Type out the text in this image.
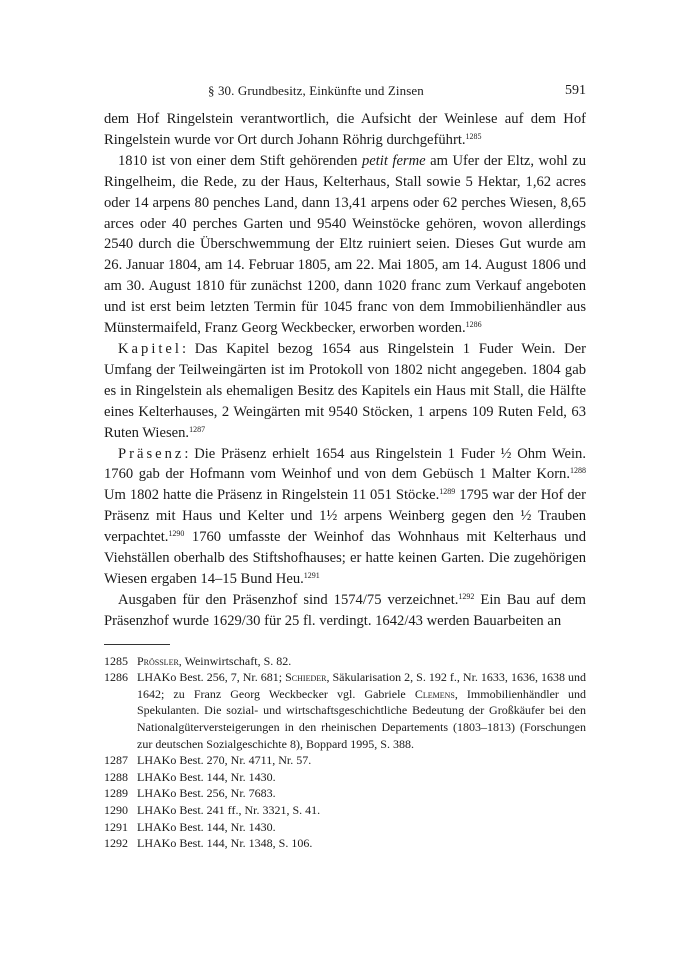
§ 30. Grundbesitz, Einkünfte und Zinsen	591

dem Hof Ringelstein verantwortlich, die Aufsicht der Weinlese auf dem Hof Ringelstein wurde vor Ort durch Johann Röhrig durchgeführt.$^{1285}$

1810 ist von einer dem Stift gehörenden petit ferme am Ufer der Eltz, wohl zu Ringelheim, die Rede, zu der Haus, Kelterhaus, Stall sowie 5 Hektar, 1,62 acres oder 14 arpens 80 penches Land, dann 13,41 arpens oder 62 perches Wiesen, 8,65 arces oder 40 perches Garten und 9540 Weinstöcke gehören, wovon allerdings 2540 durch die Überschwemmung der Eltz ruiniert seien. Dieses Gut wurde am 26. Januar 1804, am 14. Februar 1805, am 22. Mai 1805, am 14. August 1806 und am 30. August 1810 für zunächst 1200, dann 1020 franc zum Verkauf angeboten und ist erst beim letzten Termin für 1045 franc von dem Immobilienhändler aus Münstermaifeld, Franz Georg Weckbecker, erworben worden.$^{1286}$

Kapitel: Das Kapitel bezog 1654 aus Ringelstein 1 Fuder Wein. Der Umfang der Teilweingärten ist im Protokoll von 1802 nicht angegeben. 1804 gab es in Ringelstein als ehemaligen Besitz des Kapitels ein Haus mit Stall, die Hälfte eines Kelterhauses, 2 Weingärten mit 9540 Stöcken, 1 arpens 109 Ruten Feld, 63 Ruten Wiesen.$^{1287}$

Präsenz: Die Präsenz erhielt 1654 aus Ringelstein 1 Fuder ½ Ohm Wein. 1760 gab der Hofmann vom Weinhof und von dem Gebüsch 1 Malter Korn.$^{1288}$ Um 1802 hatte die Präsenz in Ringelstein 11 051 Stöcke.$^{1289}$ 1795 war der Hof der Präsenz mit Haus und Kelter und 1½ arpens Weinberg gegen den ½ Trauben verpachtet.$^{1290}$ 1760 umfasste der Weinhof das Wohnhaus mit Kelterhaus und Viehställen oberhalb des Stiftshofhauses; er hatte keinen Garten. Die zugehörigen Wiesen ergaben 14–15 Bund Heu.$^{1291}$

Ausgaben für den Präsenzhof sind 1574/75 verzeichnet.$^{1292}$ Ein Bau auf dem Präsenzhof wurde 1629/30 für 25 fl. verdingt. 1642/43 werden Bauarbeiten an

1285 Prössler, Weinwirtschaft, S. 82.
1286 LHAKo Best. 256, 7, Nr. 681; Schieder, Säkularisation 2, S. 192 f., Nr. 1633, 1636, 1638 und 1642; zu Franz Georg Weckbecker vgl. Gabriele Clemens, Immobilienhändler und Spekulanten. Die sozial- und wirtschaftsgeschichtliche Bedeutung der Großkäufer bei den Nationalgüterversteigerungen in den rheinischen Departements (1803–1813) (Forschungen zur deutschen Sozialgeschichte 8), Boppard 1995, S. 388.
1287 LHAKo Best. 270, Nr. 4711, Nr. 57.
1288 LHAKo Best. 144, Nr. 1430.
1289 LHAKo Best. 256, Nr. 7683.
1290 LHAKo Best. 241 ff., Nr. 3321, S. 41.
1291 LHAKo Best. 144, Nr. 1430.
1292 LHAKo Best. 144, Nr. 1348, S. 106.
